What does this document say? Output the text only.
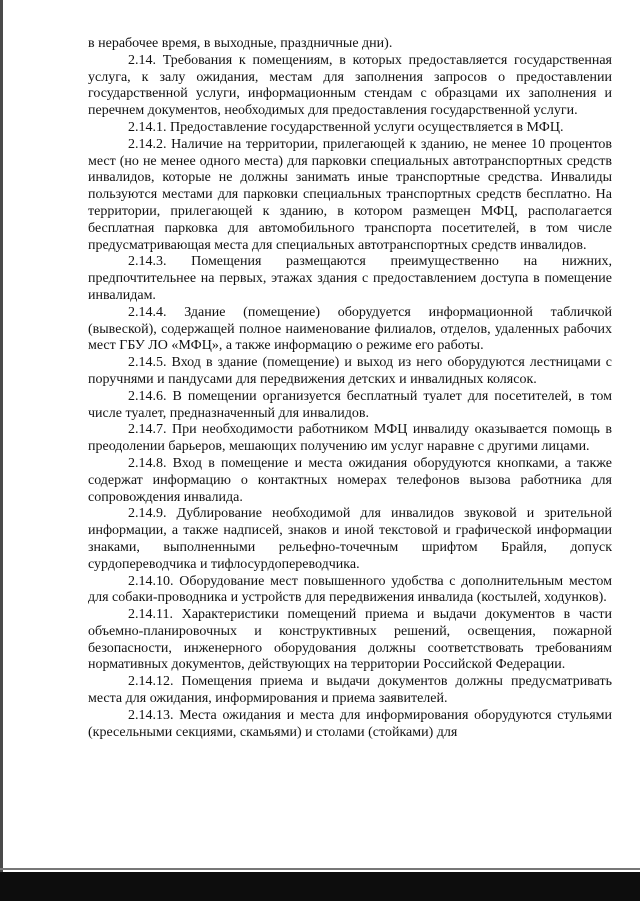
в нерабочее время, в выходные, праздничные дни).

2.14. Требования к помещениям, в которых предоставляется государственная услуга, к залу ожидания, местам для заполнения запросов о предоставлении государственной услуги, информационным стендам с образцами их заполнения и перечнем документов, необходимых для предоставления государственной услуги.

2.14.1. Предоставление государственной услуги осуществляется в МФЦ.

2.14.2. Наличие на территории, прилегающей к зданию, не менее 10 процентов мест (но не менее одного места) для парковки специальных автотранспортных средств инвалидов, которые не должны занимать иные транспортные средства. Инвалиды пользуются местами для парковки специальных транспортных средств бесплатно. На территории, прилегающей к зданию, в котором размещен МФЦ, располагается бесплатная парковка для автомобильного транспорта посетителей, в том числе предусматривающая места для специальных автотранспортных средств инвалидов.

2.14.3. Помещения размещаются преимущественно на нижних, предпочтительнее на первых, этажах здания с предоставлением доступа в помещение инвалидам.

2.14.4. Здание (помещение) оборудуется информационной табличкой (вывеской), содержащей полное наименование филиалов, отделов, удаленных рабочих мест ГБУ ЛО «МФЦ», а также информацию о режиме его работы.

2.14.5. Вход в здание (помещение) и выход из него оборудуются лестницами с поручнями и пандусами для передвижения детских и инвалидных колясок.

2.14.6. В помещении организуется бесплатный туалет для посетителей, в том числе туалет, предназначенный для инвалидов.

2.14.7. При необходимости работником МФЦ инвалиду оказывается помощь в преодолении барьеров, мешающих получению им услуг наравне с другими лицами.

2.14.8. Вход в помещение и места ожидания оборудуются кнопками, а также содержат информацию о контактных номерах телефонов вызова работника для сопровождения инвалида.

2.14.9. Дублирование необходимой для инвалидов звуковой и зрительной информации, а также надписей, знаков и иной текстовой и графической информации знаками, выполненными рельефно-точечным шрифтом Брайля, допуск сурдопереводчика и тифлосурдопереводчика.

2.14.10. Оборудование мест повышенного удобства с дополнительным местом для собаки-проводника и устройств для передвижения инвалида (костылей, ходунков).

2.14.11. Характеристики помещений приема и выдачи документов в части объемно-планировочных и конструктивных решений, освещения, пожарной безопасности, инженерного оборудования должны соответствовать требованиям нормативных документов, действующих на территории Российской Федерации.

2.14.12. Помещения приема и выдачи документов должны предусматривать места для ожидания, информирования и приема заявителей.

2.14.13. Места ожидания и места для информирования оборудуются стульями (кресельными секциями, скамьями) и столами (стойками) для
